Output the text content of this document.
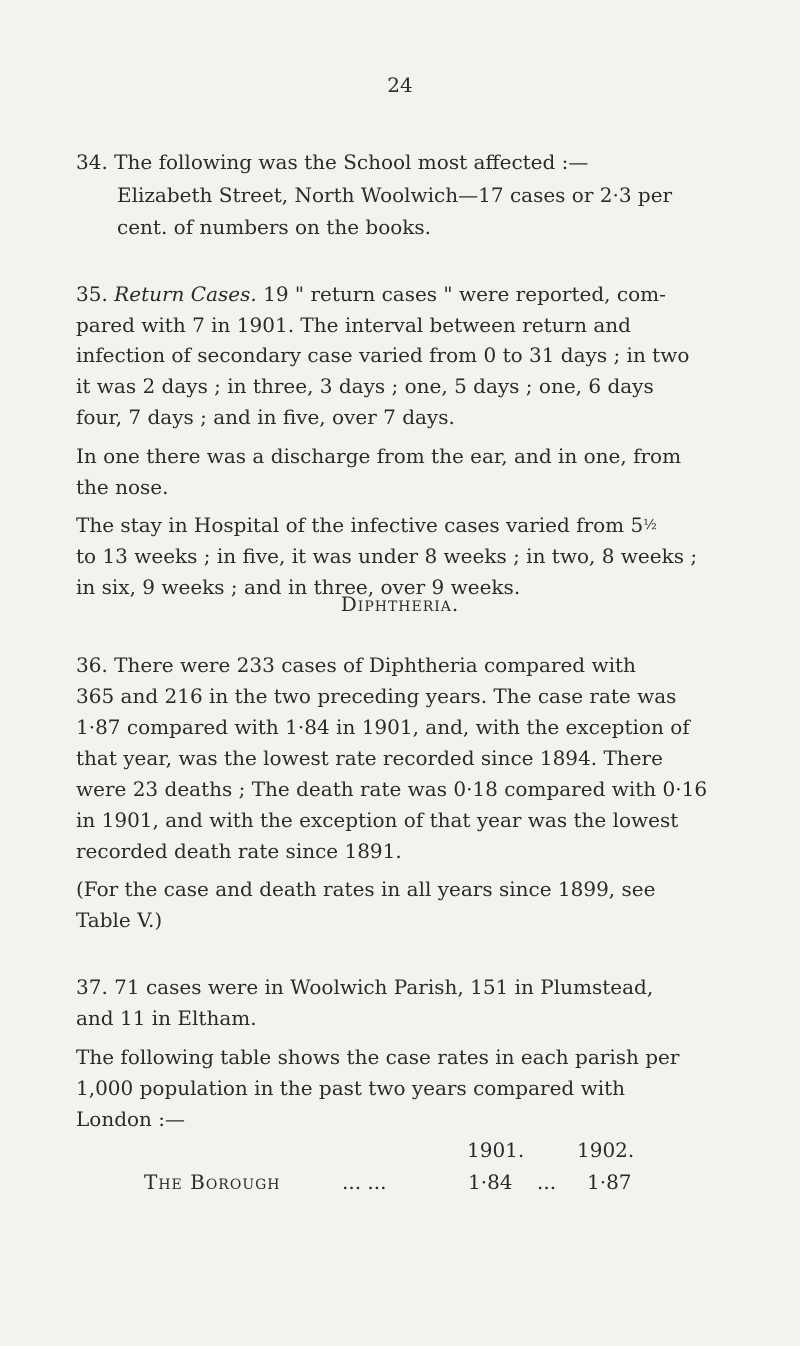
24
34. The following was the School most affected :—
Elizabeth Street, North Woolwich—17 cases or 2·3 per
cent. of numbers on the books.
35. Return Cases. 19 " return cases " were reported, com-
pared with 7 in 1901. The interval between return and
infection of secondary case varied from 0 to 31 days ; in two
it was 2 days ; in three, 3 days ; one, 5 days ; one, 6 days
four, 7 days ; and in five, over 7 days.
In one there was a discharge from the ear, and in one, from
the nose.
The stay in Hospital of the infective cases varied from $5^{\frac{1}{2}}$
to 13 weeks ; in five, it was under 8 weeks ; in two, 8 weeks ;
in six, 9 weeks ; and in three, over 9 weeks.
Diphtheria.
36. There were 233 cases of Diphtheria compared with
365 and 216 in the two preceding years. The case rate was
1·87 compared with 1·84 in 1901, and, with the exception of
that year, was the lowest rate recorded since 1894. There
were 23 deaths ; The death rate was 0·18 compared with 0·16
in 1901, and with the exception of that year was the lowest
recorded death rate since 1891.
(For the case and death rates in all years since 1899, see
Table V.)
37. 71 cases were in Woolwich Parish, 151 in Plumstead,
and 11 in Eltham.
The following table shows the case rates in each parish per
1,000 population in the past two years compared with
London :—
1901.	1902.
The Borough	... ...	1·84 ... 1·87
